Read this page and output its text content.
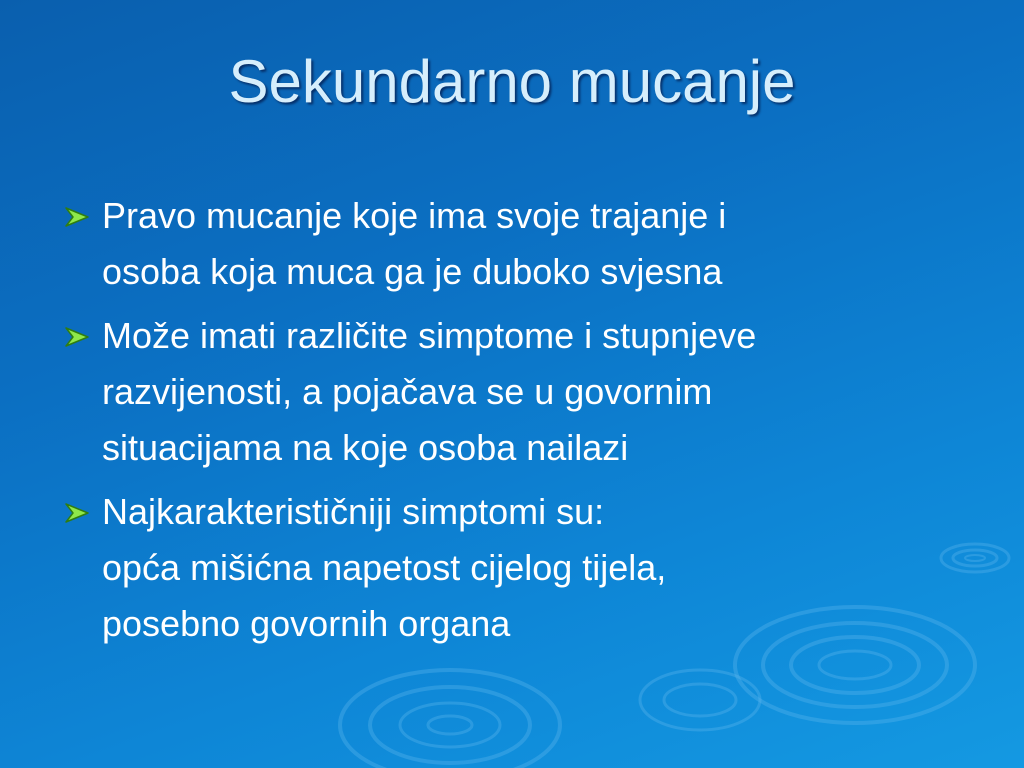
Sekundarno mucanje
Pravo mucanje koje ima svoje trajanje i
osoba koja muca ga je duboko svjesna
Može imati različite simptome i stupnjeve
razvijenosti, a pojačava se u govornim
situacijama na koje osoba nailazi
Najkarakterističniji simptomi su:
opća mišićna napetost cijelog tijela,
posebno govornih organa
